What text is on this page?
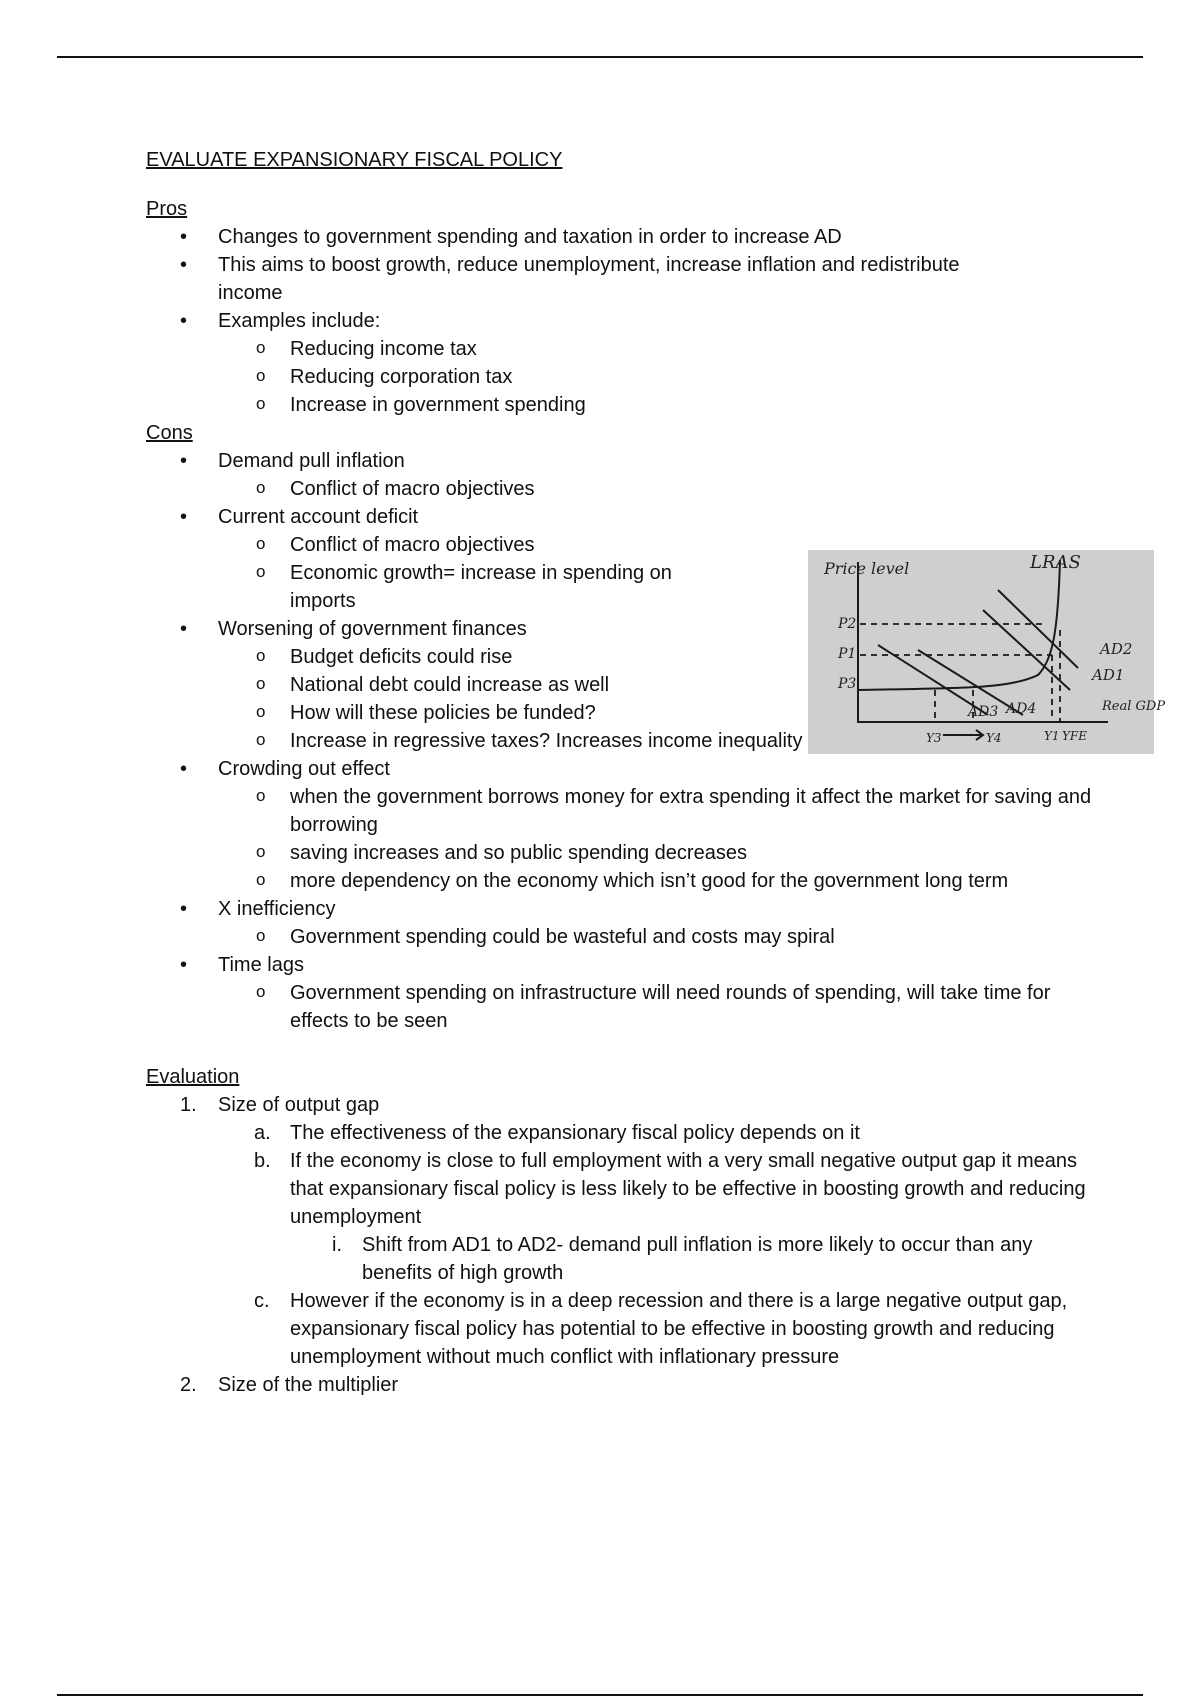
EVALUATE EXPANSIONARY FISCAL POLICY
Pros
• Changes to government spending and taxation in order to increase AD
• This aims to boost growth, reduce unemployment, increase inflation and redistribute income
• Examples include:
o Reducing income tax
o Reducing corporation tax
o Increase in government spending
Cons
• Demand pull inflation
o Conflict of macro objectives
• Current account deficit
o Conflict of macro objectives
o Economic growth= increase in spending on imports
• Worsening of government finances
o Budget deficits could rise
o National debt could increase as well
o How will these policies be funded?
o Increase in regressive taxes? Increases income inequality
• Crowding out effect
o when the government borrows money for extra spending it affect the market for saving and borrowing
o saving increases and so public spending decreases
o more dependency on the economy which isn’t good for the government long term
• X inefficiency
o Government spending could be wasteful and costs may spiral
• Time lags
o Government spending on infrastructure will need rounds of spending, will take time for effects to be seen
Evaluation
1. Size of output gap
a. The effectiveness of the expansionary fiscal policy depends on it
b. If the economy is close to full employment with a very small negative output gap it means that expansionary fiscal policy is less likely to be effective in boosting growth and reducing unemployment
i. Shift from AD1 to AD2- demand pull inflation is more likely to occur than any benefits of high growth
c. However if the economy is in a deep recession and there is a large negative output gap, expansionary fiscal policy has potential to be effective in boosting growth and reducing unemployment without much conflict with inflationary pressure
2. Size of the multiplier
Price level	LRAS
P2
P1
P3
AD2
AD1
AD3 AD4	Real GDP
Y3	Y4	Y1 YFE
